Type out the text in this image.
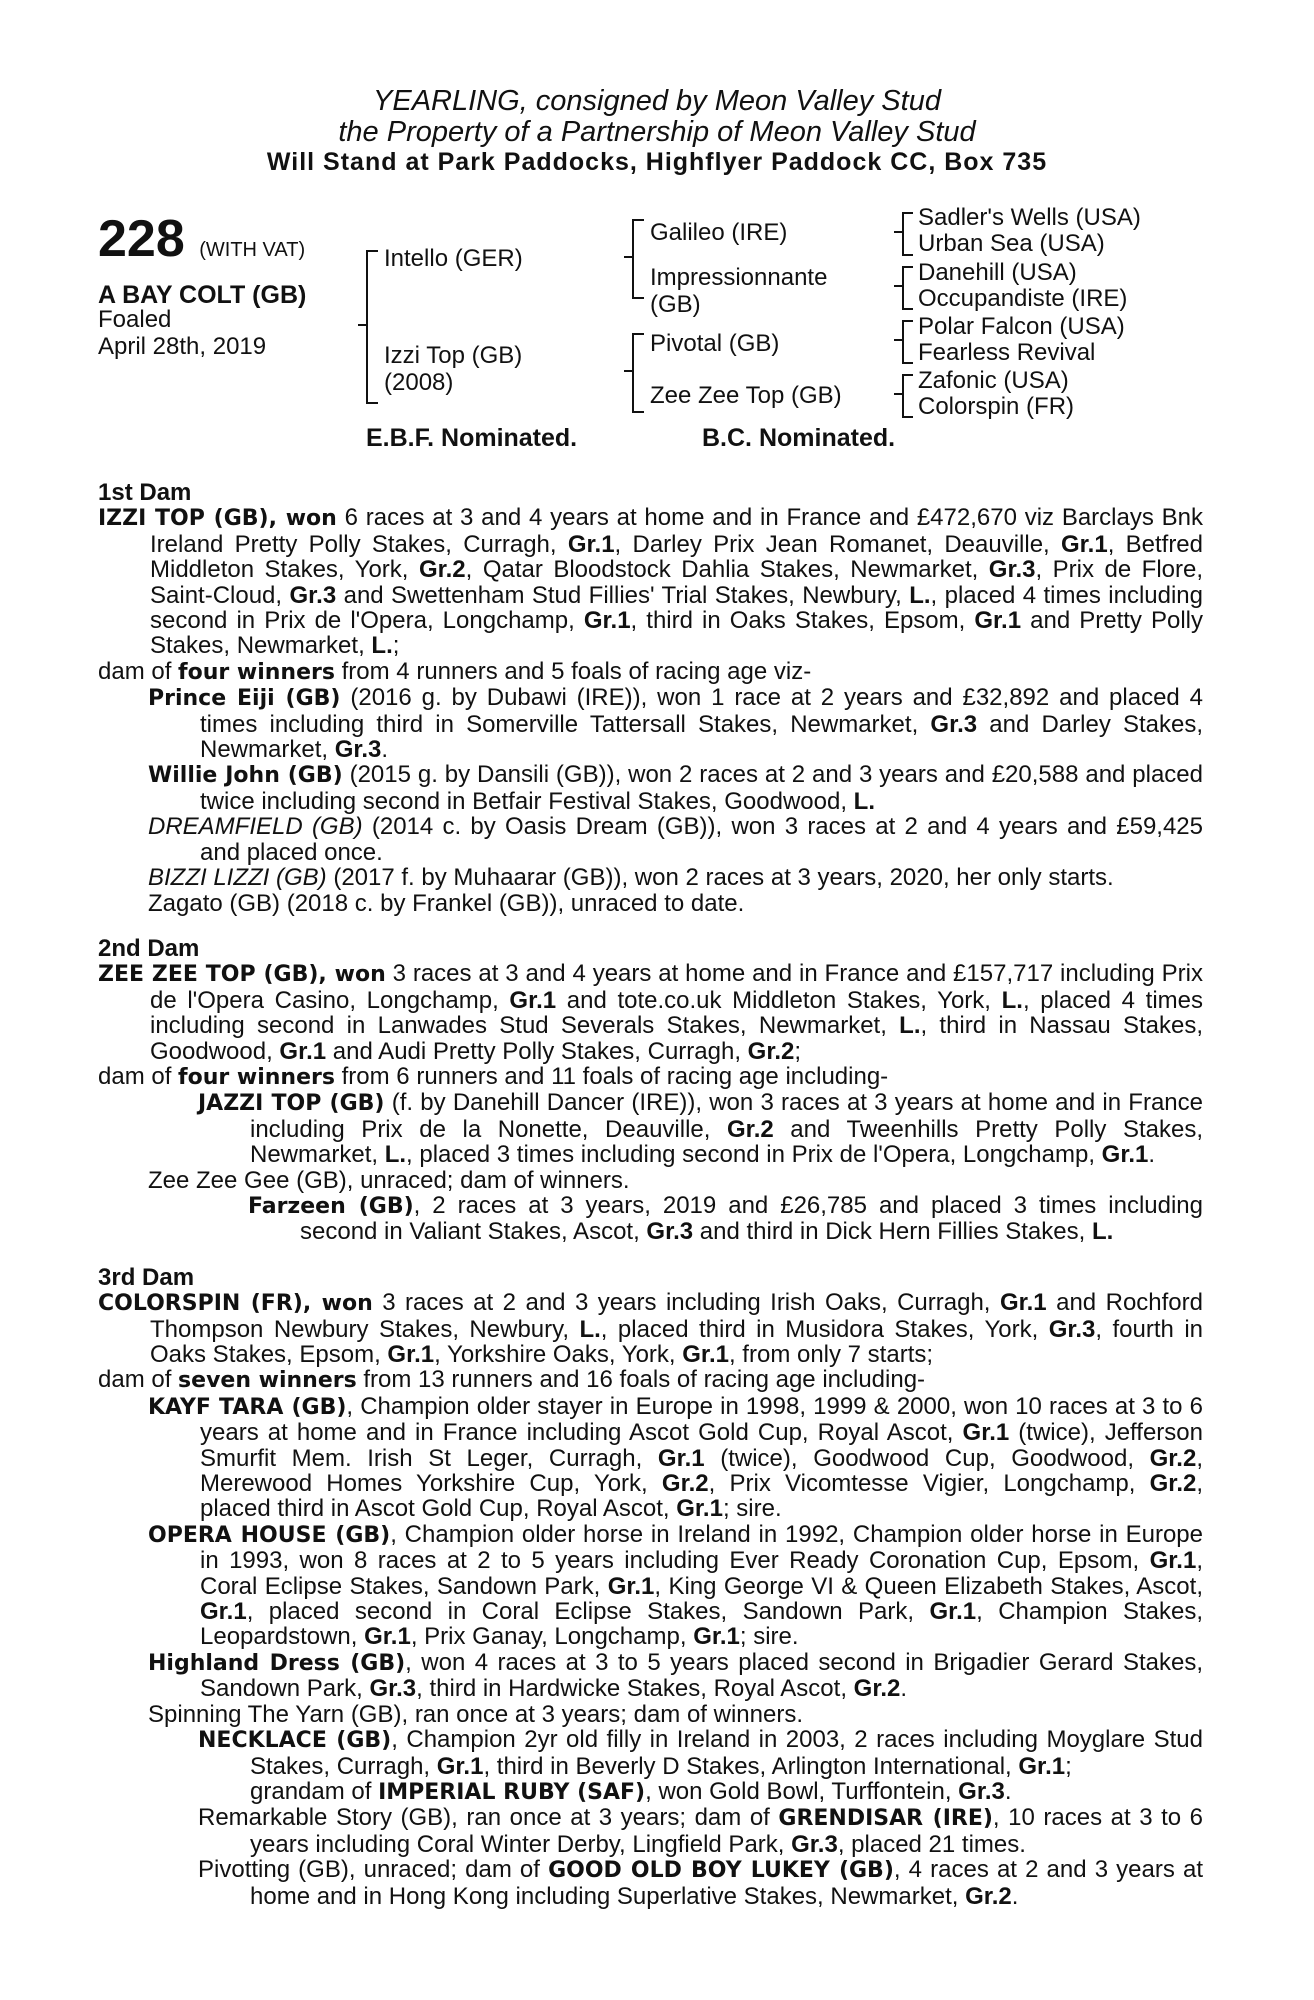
YEARLING, consigned by Meon Valley Stud
the Property of a Partnership of Meon Valley Stud
Will Stand at Park Paddocks, Highflyer Paddock CC, Box 735
228 (WITH VAT)
A BAY COLT (GB)
Foaled
April 28th, 2019
Intello (GER)
Izzi Top (GB)
(2008)
Galileo (IRE)
Impressionnante
(GB)
Pivotal (GB)
Zee Zee Top (GB)
Sadler's Wells (USA)
Urban Sea (USA)
Danehill (USA)
Occupandiste (IRE)
Polar Falcon (USA)
Fearless Revival
Zafonic (USA)
Colorspin (FR)
E.B.F. Nominated.	B.C. Nominated.
1st Dam
IZZI TOP (GB), won 6 races at 3 and 4 years at home and in France and £472,670 viz Barclays Bnk Ireland Pretty Polly Stakes, Curragh, Gr.1, Darley Prix Jean Romanet, Deauville, Gr.1, Betfred Middleton Stakes, York, Gr.2, Qatar Bloodstock Dahlia Stakes, Newmarket, Gr.3, Prix de Flore, Saint-Cloud, Gr.3 and Swettenham Stud Fillies' Trial Stakes, Newbury, L., placed 4 times including second in Prix de l'Opera, Longchamp, Gr.1, third in Oaks Stakes, Epsom, Gr.1 and Pretty Polly Stakes, Newmarket, L.;
dam of four winners from 4 runners and 5 foals of racing age viz-
Prince Eiji (GB) (2016 g. by Dubawi (IRE)), won 1 race at 2 years and £32,892 and placed 4 times including third in Somerville Tattersall Stakes, Newmarket, Gr.3 and Darley Stakes, Newmarket, Gr.3.
Willie John (GB) (2015 g. by Dansili (GB)), won 2 races at 2 and 3 years and £20,588 and placed twice including second in Betfair Festival Stakes, Goodwood, L.
DREAMFIELD (GB) (2014 c. by Oasis Dream (GB)), won 3 races at 2 and 4 years and £59,425 and placed once.
BIZZI LIZZI (GB) (2017 f. by Muhaarar (GB)), won 2 races at 3 years, 2020, her only starts.
Zagato (GB) (2018 c. by Frankel (GB)), unraced to date.
2nd Dam
ZEE ZEE TOP (GB), won 3 races at 3 and 4 years at home and in France and £157,717 including Prix de l'Opera Casino, Longchamp, Gr.1 and tote.co.uk Middleton Stakes, York, L., placed 4 times including second in Lanwades Stud Severals Stakes, Newmarket, L., third in Nassau Stakes, Goodwood, Gr.1 and Audi Pretty Polly Stakes, Curragh, Gr.2;
dam of four winners from 6 runners and 11 foals of racing age including-
JAZZI TOP (GB) (f. by Danehill Dancer (IRE)), won 3 races at 3 years at home and in France including Prix de la Nonette, Deauville, Gr.2 and Tweenhills Pretty Polly Stakes, Newmarket, L., placed 3 times including second in Prix de l'Opera, Longchamp, Gr.1.
Zee Zee Gee (GB), unraced; dam of winners.
Farzeen (GB), 2 races at 3 years, 2019 and £26,785 and placed 3 times including second in Valiant Stakes, Ascot, Gr.3 and third in Dick Hern Fillies Stakes, L.
3rd Dam
COLORSPIN (FR), won 3 races at 2 and 3 years including Irish Oaks, Curragh, Gr.1 and Rochford Thompson Newbury Stakes, Newbury, L., placed third in Musidora Stakes, York, Gr.3, fourth in Oaks Stakes, Epsom, Gr.1, Yorkshire Oaks, York, Gr.1, from only 7 starts;
dam of seven winners from 13 runners and 16 foals of racing age including-
KAYF TARA (GB), Champion older stayer in Europe in 1998, 1999 & 2000, won 10 races at 3 to 6 years at home and in France including Ascot Gold Cup, Royal Ascot, Gr.1 (twice), Jefferson Smurfit Mem. Irish St Leger, Curragh, Gr.1 (twice), Goodwood Cup, Goodwood, Gr.2, Merewood Homes Yorkshire Cup, York, Gr.2, Prix Vicomtesse Vigier, Longchamp, Gr.2, placed third in Ascot Gold Cup, Royal Ascot, Gr.1; sire.
OPERA HOUSE (GB), Champion older horse in Ireland in 1992, Champion older horse in Europe in 1993, won 8 races at 2 to 5 years including Ever Ready Coronation Cup, Epsom, Gr.1, Coral Eclipse Stakes, Sandown Park, Gr.1, King George VI & Queen Elizabeth Stakes, Ascot, Gr.1, placed second in Coral Eclipse Stakes, Sandown Park, Gr.1, Champion Stakes, Leopardstown, Gr.1, Prix Ganay, Longchamp, Gr.1; sire.
Highland Dress (GB), won 4 races at 3 to 5 years placed second in Brigadier Gerard Stakes, Sandown Park, Gr.3, third in Hardwicke Stakes, Royal Ascot, Gr.2.
Spinning The Yarn (GB), ran once at 3 years; dam of winners.
NECKLACE (GB), Champion 2yr old filly in Ireland in 2003, 2 races including Moyglare Stud Stakes, Curragh, Gr.1, third in Beverly D Stakes, Arlington International, Gr.1;
grandam of IMPERIAL RUBY (SAF), won Gold Bowl, Turffontein, Gr.3.
Remarkable Story (GB), ran once at 3 years; dam of GRENDISAR (IRE), 10 races at 3 to 6 years including Coral Winter Derby, Lingfield Park, Gr.3, placed 21 times.
Pivotting (GB), unraced; dam of GOOD OLD BOY LUKEY (GB), 4 races at 2 and 3 years at home and in Hong Kong including Superlative Stakes, Newmarket, Gr.2.
